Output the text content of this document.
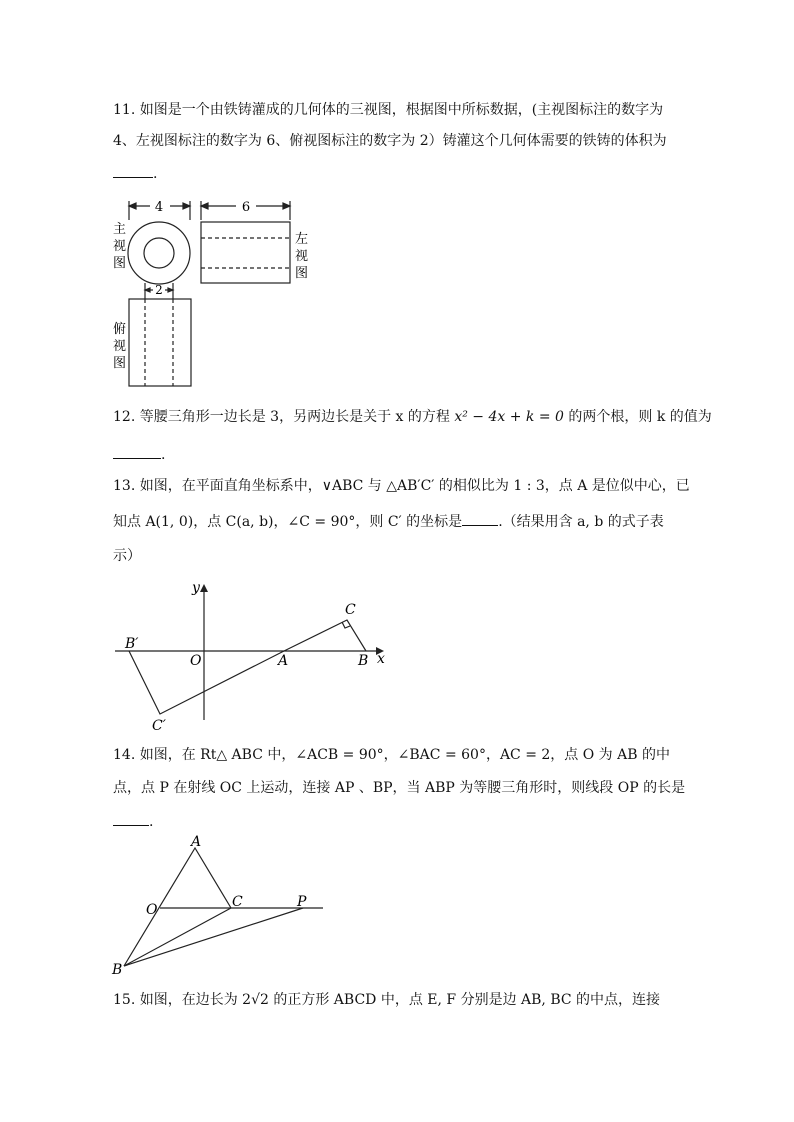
11. 如图是一个由铁铸灌成的几何体的三视图，根据图中所标数据，(主视图标注的数字为
4、左视图标注的数字为 6、俯视图标注的数字为 2）铸灌这个几何体需要的铁铸的体积为
.
4	6
2
主
视
图
左
视
图
俯
视
图
12. 等腰三角形一边长是 3，另两边长是关于 x 的方程 x² − 4x + k = 0 的两个根，则 k 的值为
.
13. 如图，在平面直角坐标系中，∨ABC 与 △AB′C′ 的相似比为 1 : 3，点 A 是位似中心，已
知点 A(1, 0)，点 C(a, b)，∠C = 90°，则 C′ 的坐标是	.（结果用含 a, b 的式子表
示）
y
x
C
B′
O	A	B
C′
14. 如图，在 Rt△ ABC 中，∠ACB = 90°，∠BAC = 60°，AC = 2，点 O 为 AB 的中
点，点 P 在射线 OC 上运动，连接 AP 、BP，当 ABP 为等腰三角形时，则线段 OP 的长是
.
A
O	C	P
B
15. 如图，在边长为 2√2 的正方形 ABCD 中，点 E, F 分别是边 AB, BC 的中点，连接
